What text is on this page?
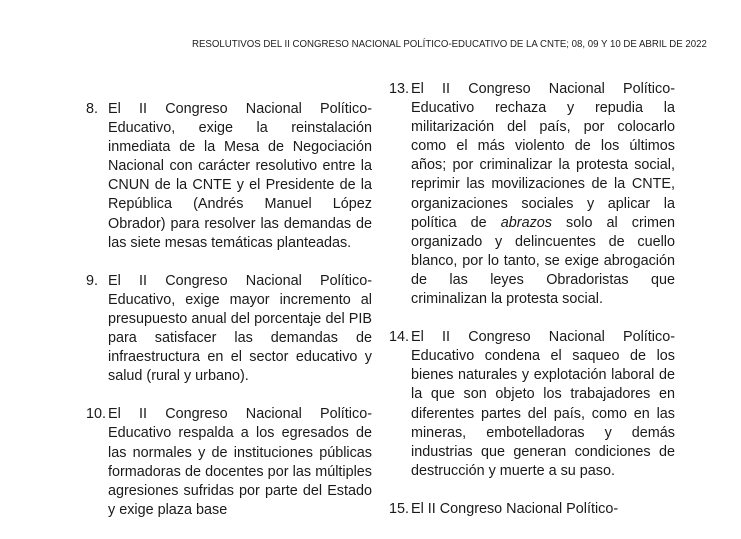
RESOLUTIVOS DEL II CONGRESO NACIONAL POLÍTICO-EDUCATIVO DE LA CNTE; 08, 09 Y 10 DE ABRIL DE 2022
8. El II Congreso Nacional Político-Educativo, exige la reinstalación inmediata de la Mesa de Negociación Nacional con carácter resolutivo entre la CNUN de la CNTE y el Presidente de la República (Andrés Manuel López Obrador) para resolver las demandas de las siete mesas temáticas planteadas.
9. El II Congreso Nacional Político-Educativo, exige mayor incremento al presupuesto anual del porcentaje del PIB para satisfacer las demandas de infraestructura en el sector educativo y salud (rural y urbano).
10. El II Congreso Nacional Político-Educativo respalda a los egresados de las normales y de instituciones públicas formadoras de docentes por las múltiples agresiones sufridas por parte del Estado y exige plaza base
13. El II Congreso Nacional Político-Educativo rechaza y repudia la militarización del país, por colocarlo como el más violento de los últimos años; por criminalizar la protesta social, reprimir las movilizaciones de la CNTE, organizaciones sociales y aplicar la política de abrazos solo al crimen organizado y delincuentes de cuello blanco, por lo tanto, se exige abrogación de las leyes Obradoristas que criminalizan la protesta social.
14. El II Congreso Nacional Político-Educativo condena el saqueo de los bienes naturales y explotación laboral de la que son objeto los trabajadores en diferentes partes del país, como en las mineras, embotelladoras y demás industrias que generan condiciones de destrucción y muerte a su paso.
15. El II Congreso Nacional Político-
